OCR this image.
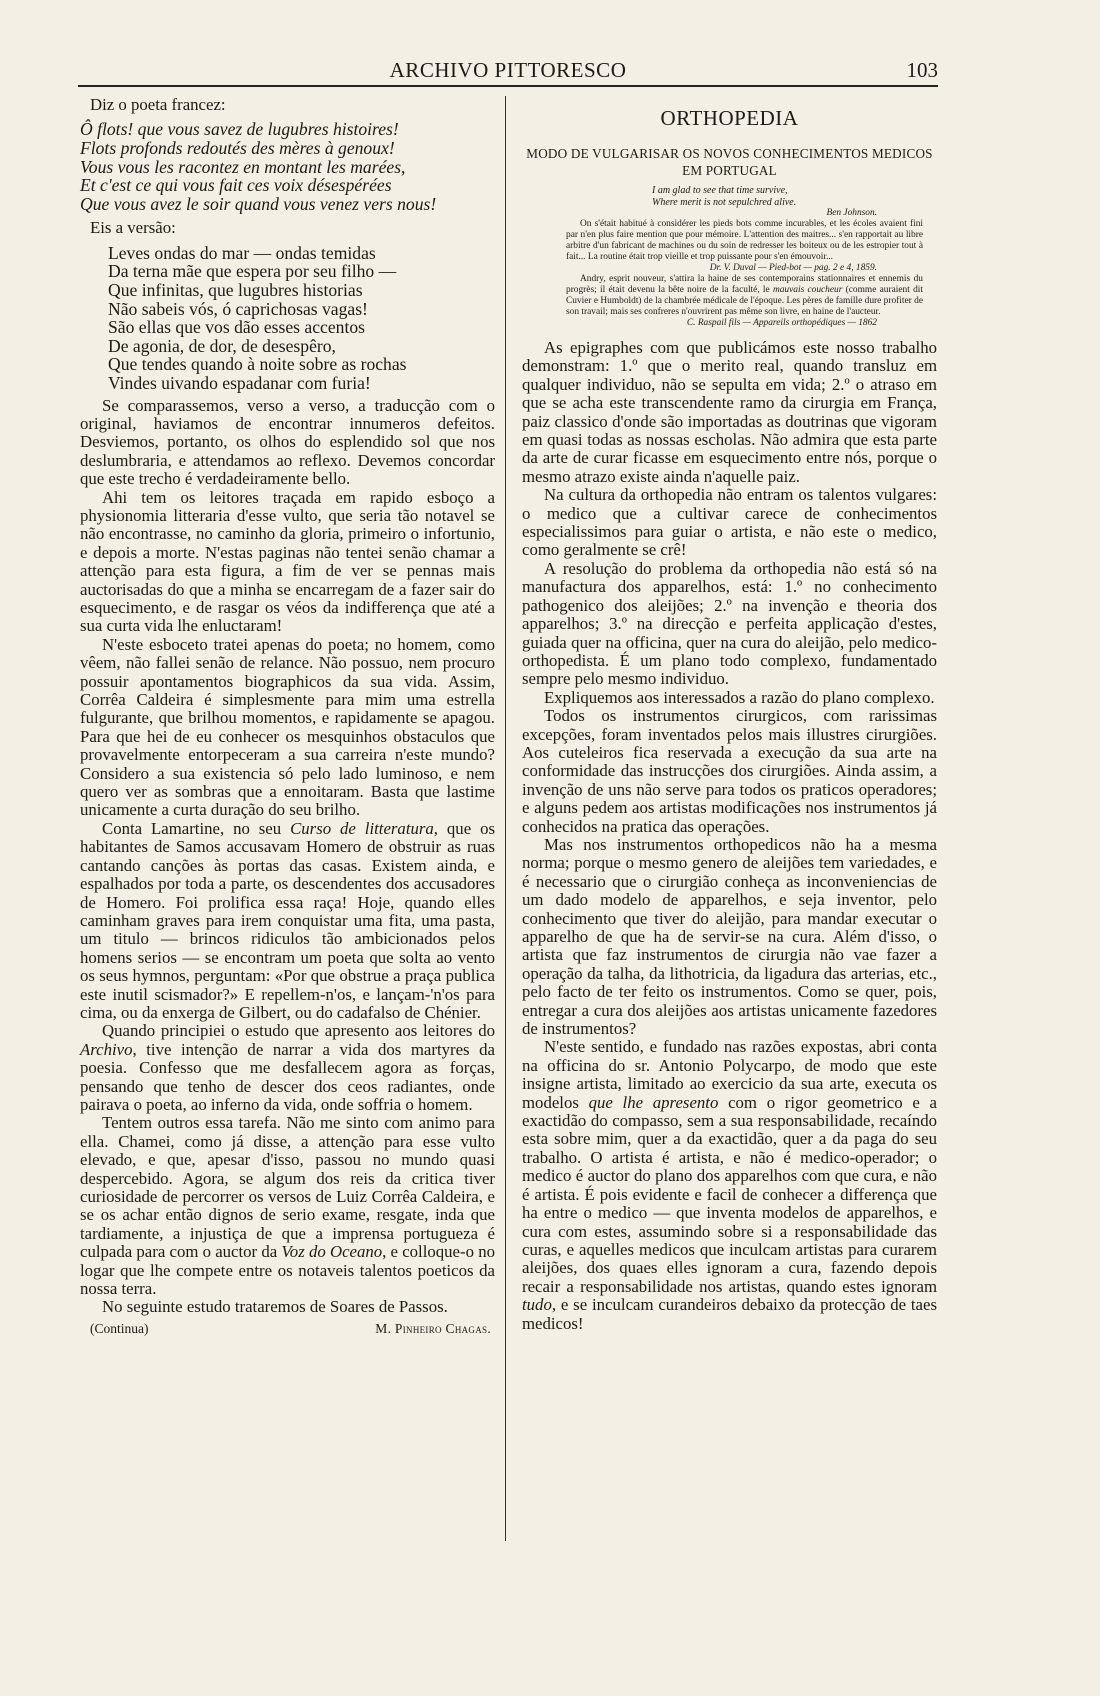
ARCHIVO PITTORESCO	103

Diz o poeta francez:

Ô flots! que vous savez de lugubres histoires!
Flots profonds redoutés des mères à genoux!
Vous vous les racontez en montant les marées,
Et c'est ce qui vous fait ces voix désespérées
Que vous avez le soir quand vous venez vers nous!

Eis a versão:

Leves ondas do mar — ondas temidas
Da terna mãe que espera por seu filho —
Que infinitas, que lugubres historias
Não sabeis vós, ó caprichosas vagas!
São ellas que vos dão esses accentos
De agonia, de dor, de desespêro,
Que tendes quando à noite sobre as rochas
Vindes uivando espadanar com furia!

Se comparassemos, verso a verso, a traducção com o original, haviamos de encontrar innumeros defeitos. Desviemos, portanto, os olhos do esplendido sol que nos deslumbraria, e attendamos ao reflexo. Devemos concordar que este trecho é verdadeiramente bello.

Ahi tem os leitores traçada em rapido esboço a physionomia litteraria d'esse vulto, que seria tão notavel se não encontrasse, no caminho da gloria, primeiro o infortunio, e depois a morte. N'estas paginas não tentei senão chamar a attenção para esta figura, a fim de ver se pennas mais auctorisadas do que a minha se encarregam de a fazer sair do esquecimento, e de rasgar os véos da indifferença que até a sua curta vida lhe enluctaram!

N'este esboceto tratei apenas do poeta; no homem, como vêem, não fallei senão de relance. Não possuo, nem procuro possuir apontamentos biographicos da sua vida. Assim, Corrêa Caldeira é simplesmente para mim uma estrella fulgurante, que brilhou momentos, e rapidamente se apagou. Para que hei de eu conhecer os mesquinhos obstaculos que provavelmente entorpeceram a sua carreira n'este mundo? Considero a sua existencia só pelo lado luminoso, e nem quero ver as sombras que a ennoitaram. Basta que lastime unicamente a curta duração do seu brilho.

Conta Lamartine, no seu Curso de litteratura, que os habitantes de Samos accusavam Homero de obstruir as ruas cantando canções às portas das casas. Existem ainda, e espalhados por toda a parte, os descendentes dos accusadores de Homero. Foi prolifica essa raça! Hoje, quando elles caminham graves para irem conquistar uma fita, uma pasta, um titulo — brincos ridiculos tão ambicionados pelos homens serios — se encontram um poeta que solta ao vento os seus hymnos, perguntam: «Por que obstrue a praça publica este inutil scismador?» E repellem-n'os, e lançam-'n'os para cima, ou da enxerga de Gilbert, ou do cadafalso de Chénier.

Quando principiei o estudo que apresento aos leitores do Archivo, tive intenção de narrar a vida dos martyres da poesia. Confesso que me desfallecem agora as forças, pensando que tenho de descer dos ceos radiantes, onde pairava o poeta, ao inferno da vida, onde soffria o homem.

Tentem outros essa tarefa. Não me sinto com animo para ella. Chamei, como já disse, a attenção para esse vulto elevado, e que, apesar d'isso, passou no mundo quasi despercebido. Agora, se algum dos reis da critica tiver curiosidade de percorrer os versos de Luiz Corrêa Caldeira, e se os achar então dignos de serio exame, resgate, inda que tardiamente, a injustiça de que a imprensa portugueza é culpada para com o auctor da Voz do Oceano, e colloque-o no logar que lhe compete entre os notaveis talentos poeticos da nossa terra.

No seguinte estudo trataremos de Soares de Passos.

(Continua)	M. Pinheiro Chagas.
ORTHOPEDIA
MODO DE VULGARISAR OS NOVOS CONHECIMENTOS MEDICOS EM PORTUGAL
I am glad to see that time survive,
Where merit is not sepulchred alive.
Ben Johnson.
On s'était habitué à considérer les pieds bots comme incurables, et les écoles avaient fini par n'en plus faire mention que pour mémoire. L'attention des maitres... s'en rapportait au libre arbitre d'un fabricant de machines ou du soin de redresser les boiteux ou de les estropier tout à fait... La routine était trop vieille et trop puissante pour s'en émouvoir...
Dr. V. Duval — Pied-bot — pag. 2 e 4, 1859.
Andry, esprit nouveur, s'attira la haine de ses contemporains stationnaires et ennemis du progrès; il était devenu la bête noire de la faculté, le mauvais coucheur (comme auraient dit Cuvier e Humboldt) de la chambrée médicale de l'époque. Les pères de famille dure profiter de son travail; mais ses confreres n'ouvrirent pas même son livre, en haine de l'aucteur.
C. Raspail fils — Appareils orthopédiques — 1862

As epigraphes com que publicámos este nosso trabalho demonstram: 1.º que o merito real, quando transluz em qualquer individuo, não se sepulta em vida; 2.º o atraso em que se acha este transcendente ramo da cirurgia em França, paiz classico d'onde são importadas as doutrinas que vigoram em quasi todas as nossas escholas. Não admira que esta parte da arte de curar ficasse em esquecimento entre nós, porque o mesmo atrazo existe ainda n'aquelle paiz.

Na cultura da orthopedia não entram os talentos vulgares: o medico que a cultivar carece de conhecimentos especialissimos para guiar o artista, e não este o medico, como geralmente se crê!

A resolução do problema da orthopedia não está só na manufactura dos apparelhos, está: 1.º no conhecimento pathogenico dos aleijões; 2.º na invenção e theoria dos apparelhos; 3.º na direcção e perfeita applicação d'estes, guiada quer na officina, quer na cura do aleijão, pelo medico-orthopedista. É um plano todo complexo, fundamentado sempre pelo mesmo individuo.

Expliquemos aos interessados a razão do plano complexo.

Todos os instrumentos cirurgicos, com rarissimas excepções, foram inventados pelos mais illustres cirurgiões. Aos cuteleiros fica reservada a execução da sua arte na conformidade das instrucções dos cirurgiões. Ainda assim, a invenção de uns não serve para todos os praticos operadores; e alguns pedem aos artistas modificações nos instrumentos já conhecidos na pratica das operações.

Mas nos instrumentos orthopedicos não ha a mesma norma; porque o mesmo genero de aleijões tem variedades, e é necessario que o cirurgião conheça as inconveniencias de um dado modelo de apparelhos, e seja inventor, pelo conhecimento que tiver do aleijão, para mandar executar o apparelho de que ha de servir-se na cura. Além d'isso, o artista que faz instrumentos de cirurgia não vae fazer a operação da talha, da lithotricia, da ligadura das arterias, etc., pelo facto de ter feito os instrumentos. Como se quer, pois, entregar a cura dos aleijões aos artistas unicamente fazedores de instrumentos?

N'este sentido, e fundado nas razões expostas, abri conta na officina do sr. Antonio Polycarpo, de modo que este insigne artista, limitado ao exercicio da sua arte, executa os modelos que lhe apresento com o rigor geometrico e a exactidão do compasso, sem a sua responsabilidade, recaíndo esta sobre mim, quer a da exactidão, quer a da paga do seu trabalho. O artista é artista, e não é medico-operador; o medico é auctor do plano dos apparelhos com que cura, e não é artista. É pois evidente e facil de conhecer a differença que ha entre o medico — que inventa modelos de apparelhos, e cura com estes, assumindo sobre si a responsabilidade das curas, e aquelles medicos que inculcam artistas para curarem aleijões, dos quaes elles ignoram a cura, fazendo depois recair a responsabilidade nos artistas, quando estes ignoram tudo, e se inculcam curandeiros debaixo da protecção de taes medicos!
